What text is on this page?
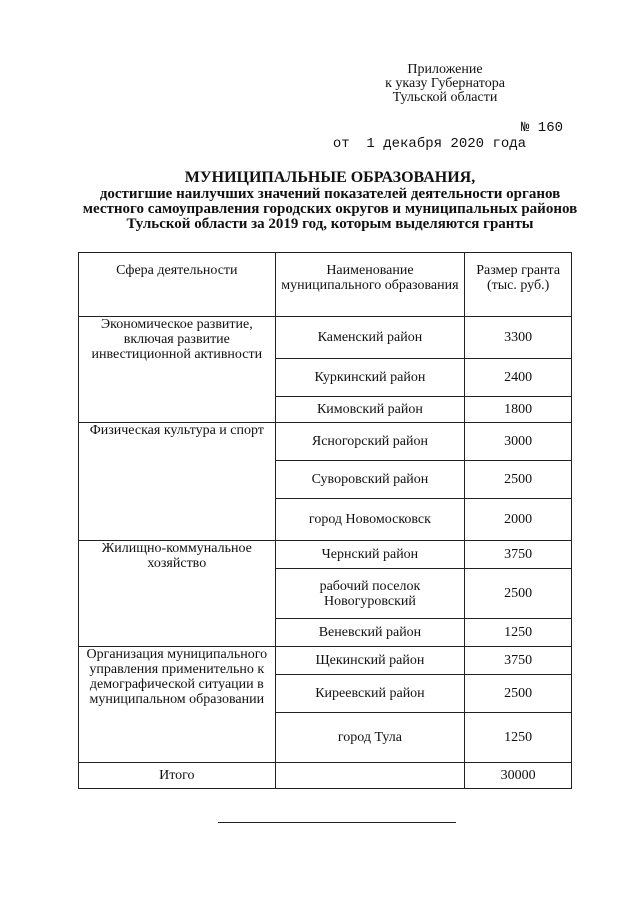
Приложение
к указу Губернатора
Тульской области

от  1 декабря 2020 года

№ 160

МУНИЦИПАЛЬНЫЕ ОБРАЗОВАНИЯ,
достигшие наилучших значений показателей деятельности органов
местного самоуправления городских округов и муниципальных районов
Тульской области за 2019 год, которым выделяются гранты
Сфера деятельности	Наименование муниципального образования	Размер гранта (тыс. руб.)
Экономическое развитие, включая развитие инвестиционной активности	Каменский район	3300
	Куркинский район	2400
	Кимовский район	1800
Физическая культура и спорт	Ясногорский район	3000
	Суворовский район	2500
	город Новомосковск	2000
Жилищно-коммунальное хозяйство	Чернский район	3750
	рабочий поселок Новогуровский	2500
	Веневский район	1250
Организация муниципального управления применительно к демографической ситуации в муниципальном образовании	Щекинский район	3750
	Киреевский район	2500
	город Тула	1250
Итого		30000
